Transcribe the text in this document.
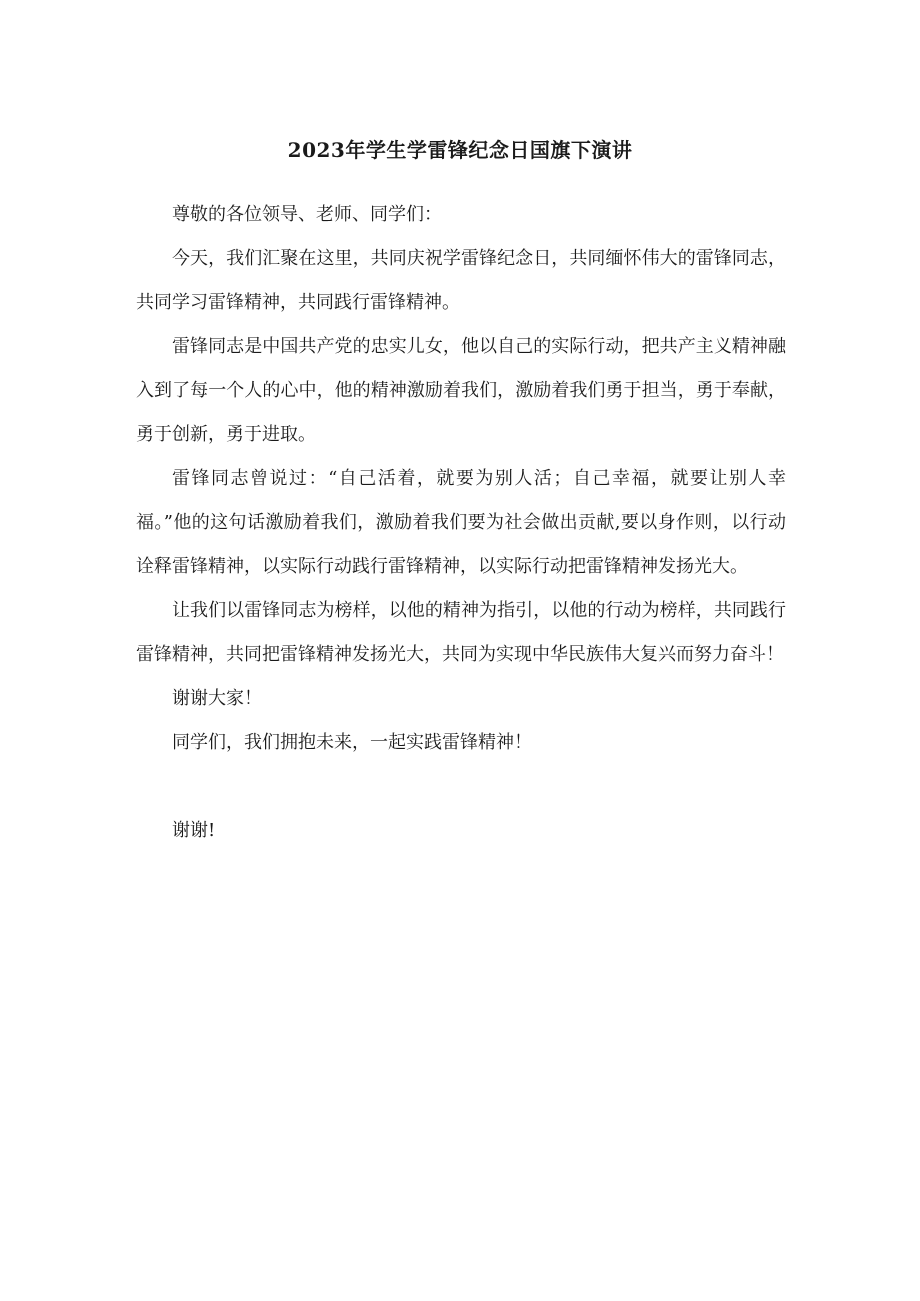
2023年学生学雷锋纪念日国旗下演讲

尊敬的各位领导、老师、同学们：

今天，我们汇聚在这里，共同庆祝学雷锋纪念日，共同缅怀伟大的雷锋同志，共同学习雷锋精神，共同践行雷锋精神。

雷锋同志是中国共产党的忠实儿女，他以自己的实际行动，把共产主义精神融入到了每一个人的心中，他的精神激励着我们，激励着我们勇于担当，勇于奉献，勇于创新，勇于进取。

雷锋同志曾说过：“自己活着，就要为别人活；自己幸福，就要让别人幸福。”他的这句话激励着我们，激励着我们要为社会做出贡献,要以身作则，以行动诠释雷锋精神，以实际行动践行雷锋精神，以实际行动把雷锋精神发扬光大。

让我们以雷锋同志为榜样，以他的精神为指引，以他的行动为榜样，共同践行雷锋精神，共同把雷锋精神发扬光大，共同为实现中华民族伟大复兴而努力奋斗！

谢谢大家！

同学们，我们拥抱未来，一起实践雷锋精神！

谢谢!
